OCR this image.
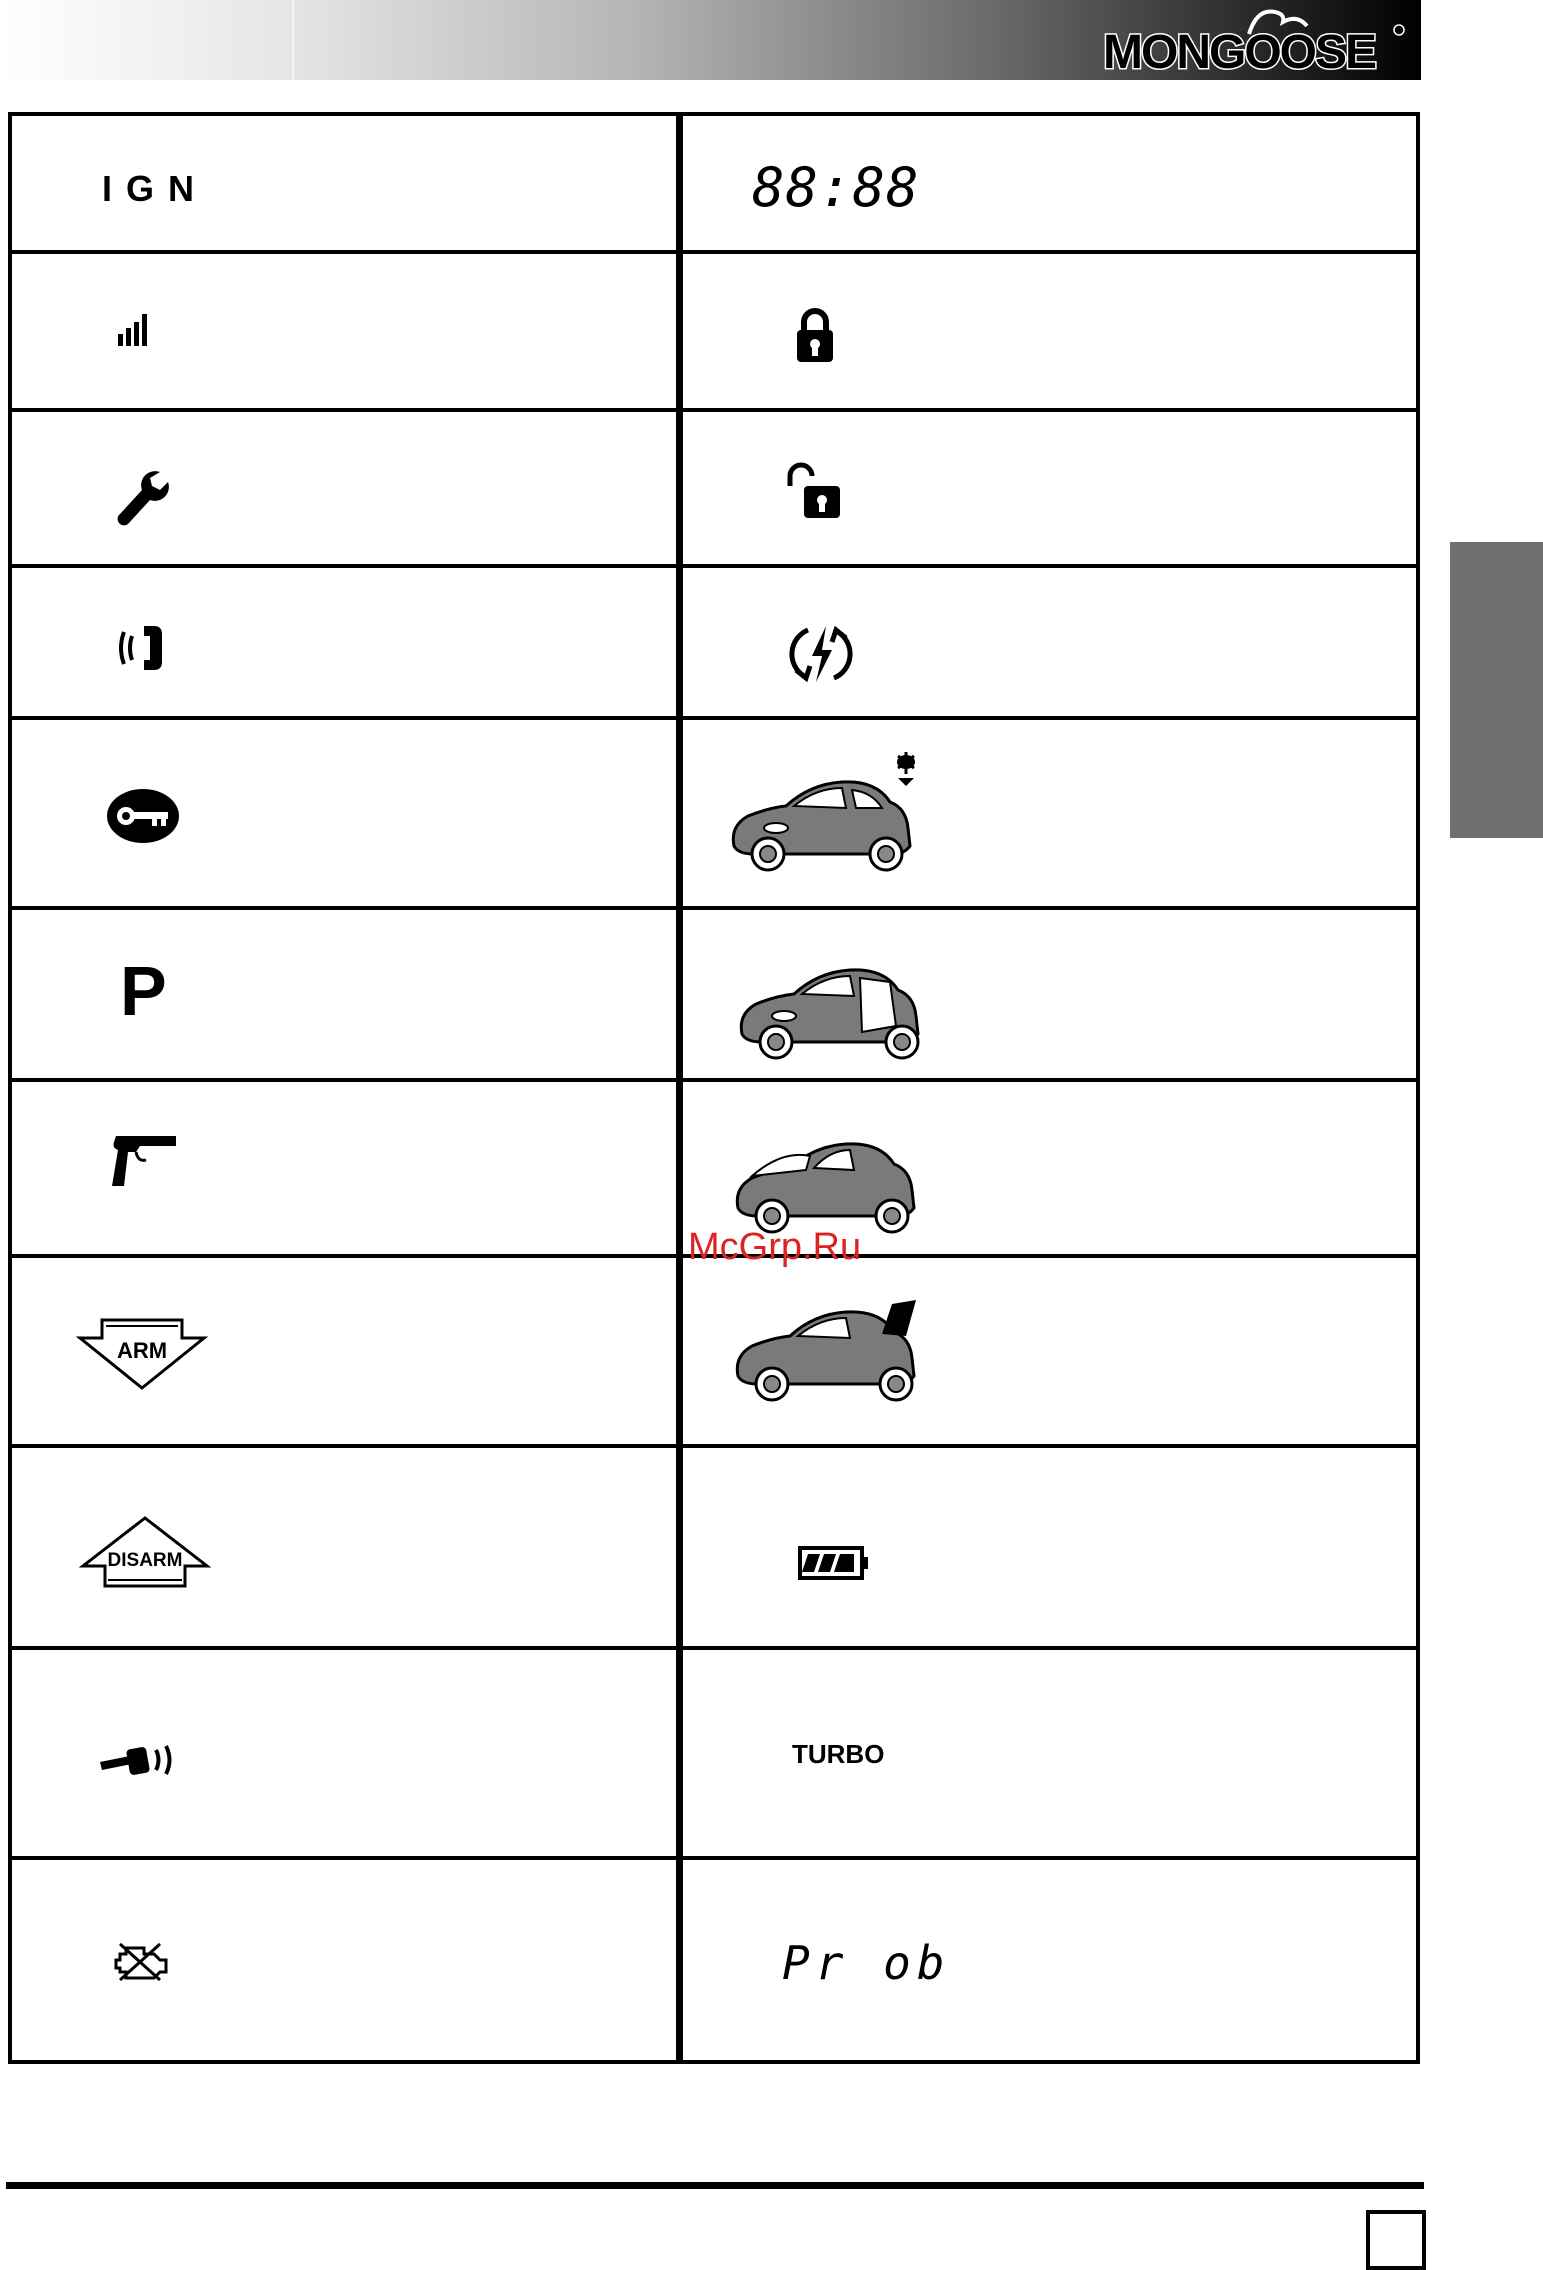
MONGOOSE
IGN
P
ARM
DISARM
88:88
McGrp.Ru
TURBO
Pr ob
